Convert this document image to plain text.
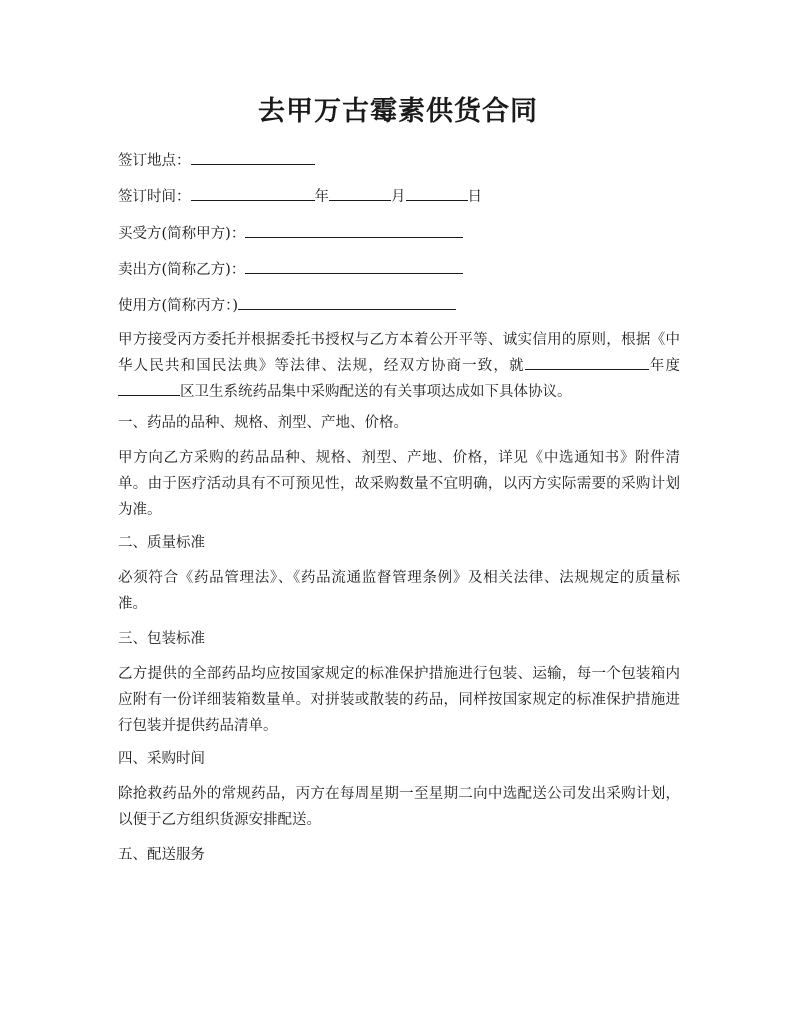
去甲万古霉素供货合同
签订地点：
签订时间：	年	月	日
买受方(简称甲方)：
卖出方(简称乙方)：
使用方(简称丙方：)
甲方接受丙方委托并根据委托书授权与乙方本着公开平等、诚实信用的原则，根据《中华人民共和国民法典》等法律、法规，经双方协商一致，就	年度区卫生系统药品集中采购配送的有关事项达成如下具体协议。
一、药品的品种、规格、剂型、产地、价格。
甲方向乙方采购的药品品种、规格、剂型、产地、价格，详见《中选通知书》附件清单。由于医疗活动具有不可预见性，故采购数量不宜明确，以丙方实际需要的采购计划为准。
二、质量标准
必须符合《药品管理法》、《药品流通监督管理条例》及相关法律、法规规定的质量标准。
三、包装标准
乙方提供的全部药品均应按国家规定的标准保护措施进行包装、运输，每一个包装箱内应附有一份详细装箱数量单。对拼装或散装的药品，同样按国家规定的标准保护措施进行包装并提供药品清单。
四、采购时间
除抢救药品外的常规药品，丙方在每周星期一至星期二向中选配送公司发出采购计划，以便于乙方组织货源安排配送。
五、配送服务
